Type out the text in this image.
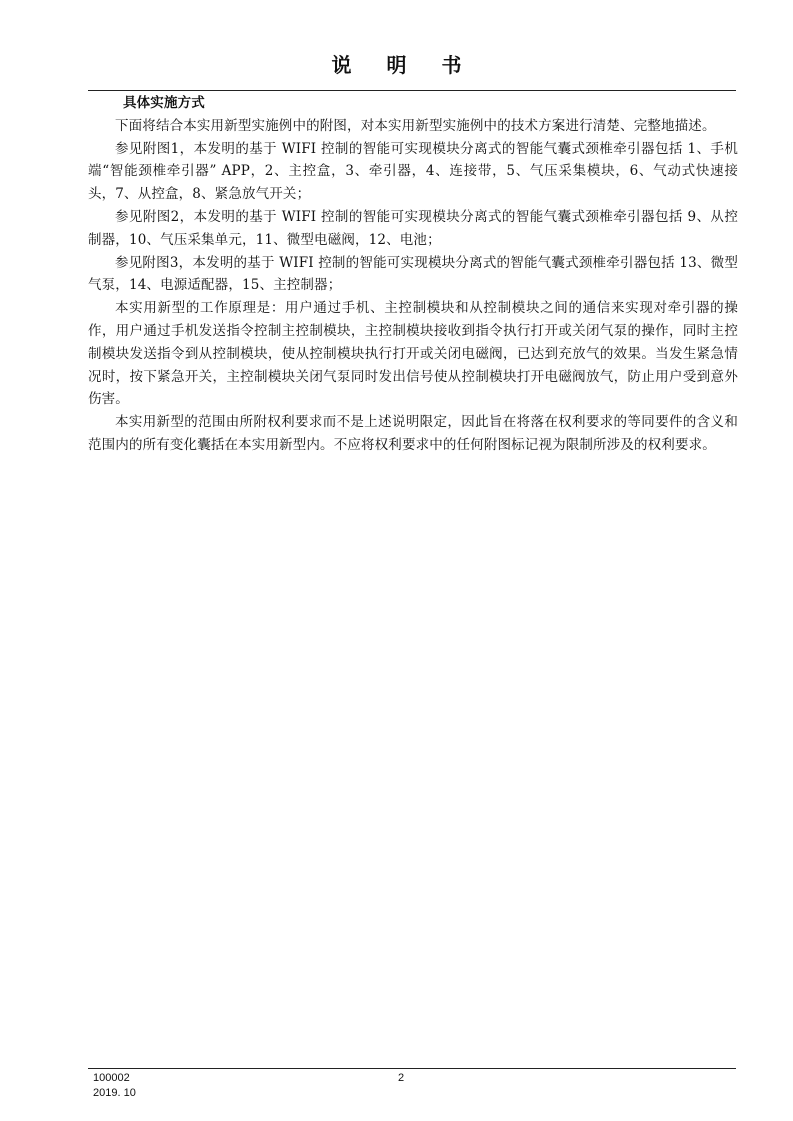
说 明 书

具体实施方式

下面将结合本实用新型实施例中的附图，对本实用新型实施例中的技术方案进行清楚、完整地描述。

参见附图1，本发明的基于 WIFI 控制的智能可实现模块分离式的智能气囊式颈椎牵引器包括 1、手机端“智能颈椎牵引器” APP，2、主控盒，3、牵引器，4、连接带，5、气压采集模块，6、气动式快速接头，7、从控盒，8、紧急放气开关；

参见附图2，本发明的基于 WIFI 控制的智能可实现模块分离式的智能气囊式颈椎牵引器包括 9、从控制器，10、气压采集单元，11、微型电磁阀，12、电池；

参见附图3，本发明的基于 WIFI 控制的智能可实现模块分离式的智能气囊式颈椎牵引器包括 13、微型气泵，14、电源适配器，15、主控制器；

本实用新型的工作原理是：用户通过手机、主控制模块和从控制模块之间的通信来实现对牵引器的操作，用户通过手机发送指令控制主控制模块，主控制模块接收到指令执行打开或关闭气泵的操作，同时主控制模块发送指令到从控制模块，使从控制模块执行打开或关闭电磁阀，已达到充放气的效果。当发生紧急情况时，按下紧急开关，主控制模块关闭气泵同时发出信号使从控制模块打开电磁阀放气，防止用户受到意外伤害。

本实用新型的范围由所附权利要求而不是上述说明限定，因此旨在将落在权利要求的等同要件的含义和范围内的所有变化囊括在本实用新型内。不应将权利要求中的任何附图标记视为限制所涉及的权利要求。

100002
2019. 10
2
